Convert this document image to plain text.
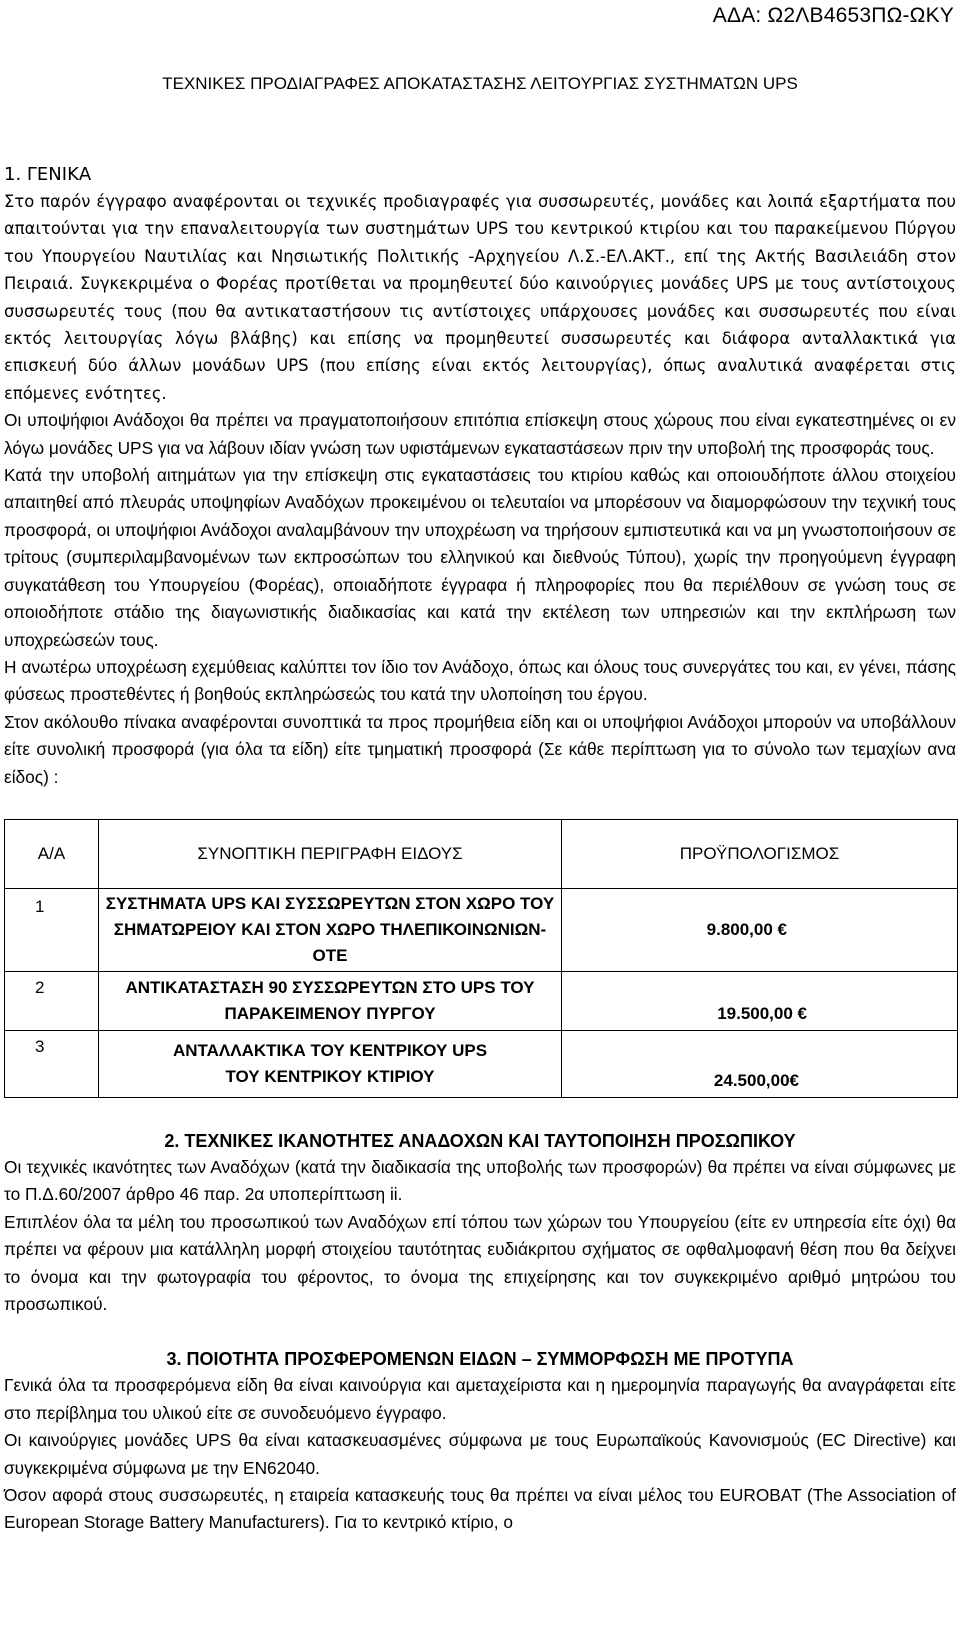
ΑΔΑ: Ω2ΛΒ4653ΠΩ-ΩΚΥ
ΤΕΧΝΙΚΕΣ ΠΡΟΔΙΑΓΡΑΦΕΣ ΑΠΟΚΑΤΑΣΤΑΣΗΣ ΛΕΙΤΟΥΡΓΙΑΣ ΣΥΣΤΗΜΑΤΩΝ UPS
1. ΓΕΝΙΚΑ

Στο παρόν έγγραφο αναφέρονται οι τεχνικές προδιαγραφές για συσσωρευτές, μονάδες και λοιπά εξαρτήματα που απαιτούνται για την επαναλειτουργία των συστημάτων UPS του κεντρικού κτιρίου και του παρακείμενου Πύργου του Υπουργείου Ναυτιλίας και Νησιωτικής Πολιτικής -Αρχηγείου Λ.Σ.-ΕΛ.ΑΚΤ., επί της Ακτής Βασιλειάδη στον Πειραιά. Συγκεκριμένα ο Φορέας προτίθεται να προμηθευτεί δύο καινούργιες μονάδες UPS με τους αντίστοιχους συσσωρευτές τους (που θα αντικαταστήσουν τις αντίστοιχες υπάρχουσες μονάδες και συσσωρευτές που είναι εκτός λειτουργίας λόγω βλάβης) και επίσης να προμηθευτεί συσσωρευτές και διάφορα ανταλλακτικά για επισκευή δύο άλλων μονάδων UPS (που επίσης είναι εκτός λειτουργίας), όπως αναλυτικά αναφέρεται στις επόμενες ενότητες.

Οι υποψήφιοι Ανάδοχοι θα πρέπει να πραγματοποιήσουν επιτόπια επίσκεψη στους χώρους που είναι εγκατεστημένες οι εν λόγω μονάδες UPS για να λάβουν ιδίαν γνώση των υφιστάμενων εγκαταστάσεων πριν την υποβολή της προσφοράς τους.

Κατά την υποβολή αιτημάτων για την επίσκεψη στις εγκαταστάσεις του κτιρίου καθώς και οποιουδήποτε άλλου στοιχείου απαιτηθεί από πλευράς υποψηφίων Αναδόχων προκειμένου οι τελευταίοι να μπορέσουν να διαμορφώσουν την τεχνική τους προσφορά, οι υποψήφιοι Ανάδοχοι αναλαμβάνουν την υποχρέωση να τηρήσουν εμπιστευτικά και να μη γνωστοποιήσουν σε τρίτους (συμπεριλαμβανομένων των εκπροσώπων του ελληνικού και διεθνούς Τύπου), χωρίς την προηγούμενη έγγραφη συγκατάθεση του Υπουργείου (Φορέας), οποιαδήποτε έγγραφα ή πληροφορίες που θα περιέλθουν σε γνώση τους σε οποιοδήποτε στάδιο της διαγωνιστικής διαδικασίας και κατά την εκτέλεση των υπηρεσιών και την εκπλήρωση των υποχρεώσεών τους.

Η ανωτέρω υποχρέωση εχεμύθειας καλύπτει τον ίδιο τον Ανάδοχο, όπως και όλους τους συνεργάτες του και, εν γένει, πάσης φύσεως προστεθέντες ή βοηθούς εκπληρώσεώς του κατά την υλοποίηση του έργου.

Στον ακόλουθο πίνακα αναφέρονται συνοπτικά τα προς προμήθεια είδη και οι υποψήφιοι Ανάδοχοι μπορούν να υποβάλλουν είτε συνολική προσφορά (για όλα τα είδη) είτε τμηματική προσφορά (Σε κάθε περίπτωση για το σύνολο των τεμαχίων ανα είδος) :

Α/Α	ΣΥΝΟΠΤΙΚΗ ΠΕΡΙΓΡΑΦΗ ΕΙΔΟΥΣ	ΠΡΟΫΠΟΛΟΓΙΣΜΟΣ
1	ΣΥΣΤΗΜΑΤΑ UPS ΚΑΙ ΣΥΣΣΩΡΕΥΤΩΝ ΣΤΟΝ ΧΩΡΟ ΤΟΥ ΣΗΜΑΤΩΡΕΙΟΥ ΚΑΙ ΣΤΟΝ ΧΩΡΟ ΤΗΛΕΠΙΚΟΙΝΩΝΙΩΝ-ΟΤΕ	9.800,00 €
2	ΑΝΤΙΚΑΤΑΣΤΑΣΗ 90 ΣΥΣΣΩΡΕΥΤΩΝ ΣΤΟ UPS ΤΟΥ ΠΑΡΑΚΕΙΜΕΝΟΥ ΠΥΡΓΟΥ	19.500,00 €
3	ΑΝΤΑΛΛΑΚΤΙΚΑ ΤΟΥ ΚΕΝΤΡΙΚΟΥ UPS ΤΟΥ ΚΕΝΤΡΙΚΟΥ ΚΤΙΡΙΟΥ	24.500,00€
2. ΤΕΧΝΙΚΕΣ ΙΚΑΝΟΤΗΤΕΣ ΑΝΑΔΟΧΩΝ ΚΑΙ ΤΑΥΤΟΠΟΙΗΣΗ ΠΡΟΣΩΠΙΚΟΥ

Οι τεχνικές ικανότητες των Αναδόχων (κατά την διαδικασία της υποβολής των προσφορών) θα πρέπει να είναι σύμφωνες με το Π.Δ.60/2007 άρθρο 46 παρ. 2α υποπερίπτωση ii.

Επιπλέον όλα τα μέλη του προσωπικού των Αναδόχων επί τόπου των χώρων του Υπουργείου (είτε εν υπηρεσία είτε όχι) θα πρέπει να φέρουν μια κατάλληλη μορφή στοιχείου ταυτότητας ευδιάκριτου σχήματος σε οφθαλμοφανή θέση που θα δείχνει το όνομα και την φωτογραφία του φέροντος, το όνομα της επιχείρησης και τον συγκεκριμένο αριθμό μητρώου του προσωπικού.

3. ΠΟΙΟΤΗΤΑ ΠΡΟΣΦΕΡΟΜΕΝΩΝ ΕΙΔΩΝ – ΣΥΜΜΟΡΦΩΣΗ ΜΕ ΠΡΟΤΥΠΑ

Γενικά όλα τα προσφερόμενα είδη θα είναι καινούργια και αμεταχείριστα και η ημερομηνία παραγωγής θα αναγράφεται είτε στο περίβλημα του υλικού είτε σε συνοδευόμενο έγγραφο.

Οι καινούργιες μονάδες UPS θα είναι κατασκευασμένες σύμφωνα με τους Ευρωπαϊκούς Κανονισμούς (EC Directive) και συγκεκριμένα σύμφωνα με την EN62040.

Όσον αφορά στους συσσωρευτές, η εταιρεία κατασκευής τους θα πρέπει να είναι μέλος του EUROBAT (The Association of European Storage Battery Manufacturers). Για το κεντρικό κτίριο, ο
